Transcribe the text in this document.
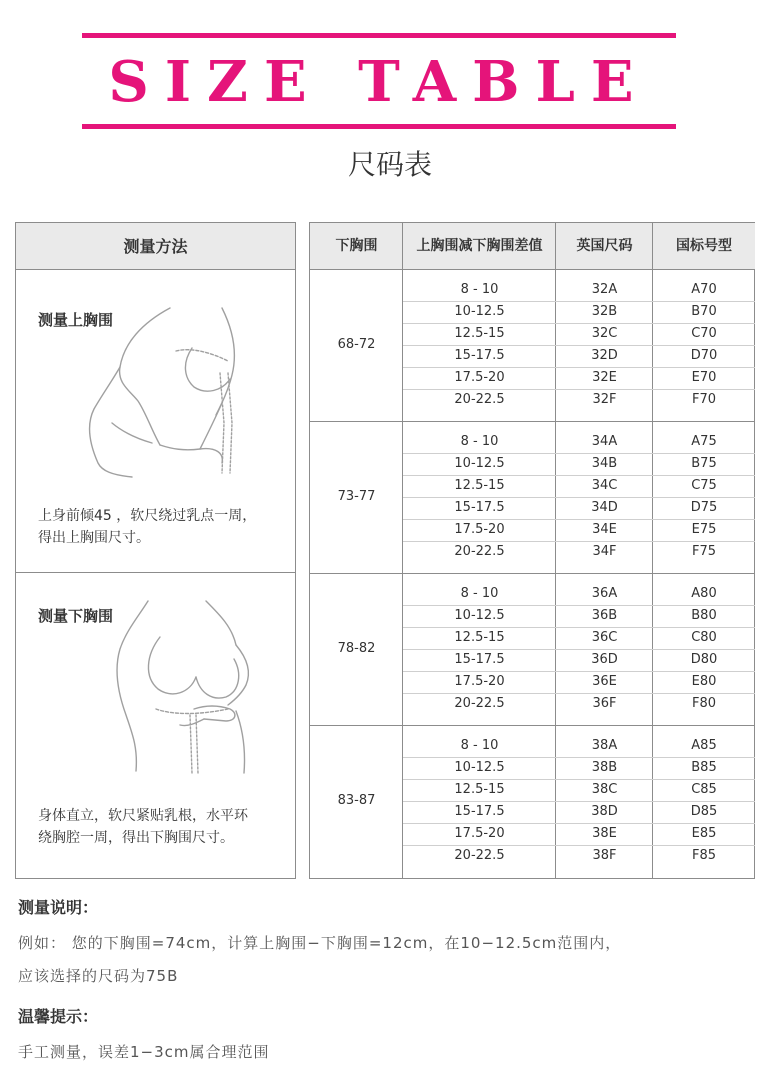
SIZE TABLE
尺码表
测量方法
测量上胸围
上身前倾45 ，软尺绕过乳点一周，
得出上胸围尺寸。
测量下胸围
身体直立，软尺紧贴乳根，水平环
绕胸腔一周，得出下胸围尺寸。
下胸围	上胸围减下胸围差值	英国尺码	国标号型
68-72
8 - 10	32A	A70
10-12.5	32B	B70
12.5-15	32C	C70
15-17.5	32D	D70
17.5-20	32E	E70
20-22.5	32F	F70
73-77
8 - 10	34A	A75
10-12.5	34B	B75
12.5-15	34C	C75
15-17.5	34D	D75
17.5-20	34E	E75
20-22.5	34F	F75
78-82
8 - 10	36A	A80
10-12.5	36B	B80
12.5-15	36C	C80
15-17.5	36D	D80
17.5-20	36E	E80
20-22.5	36F	F80
83-87
8 - 10	38A	A85
10-12.5	38B	B85
12.5-15	38C	C85
15-17.5	38D	D85
17.5-20	38E	E85
20-22.5	38F	F85
测量说明：
例如： 您的下胸围=74cm，计算上胸围−下胸围=12cm，在10−12.5cm范围内，
应该选择的尺码为75B
温馨提示：
手工测量，误差1−3cm属合理范围
